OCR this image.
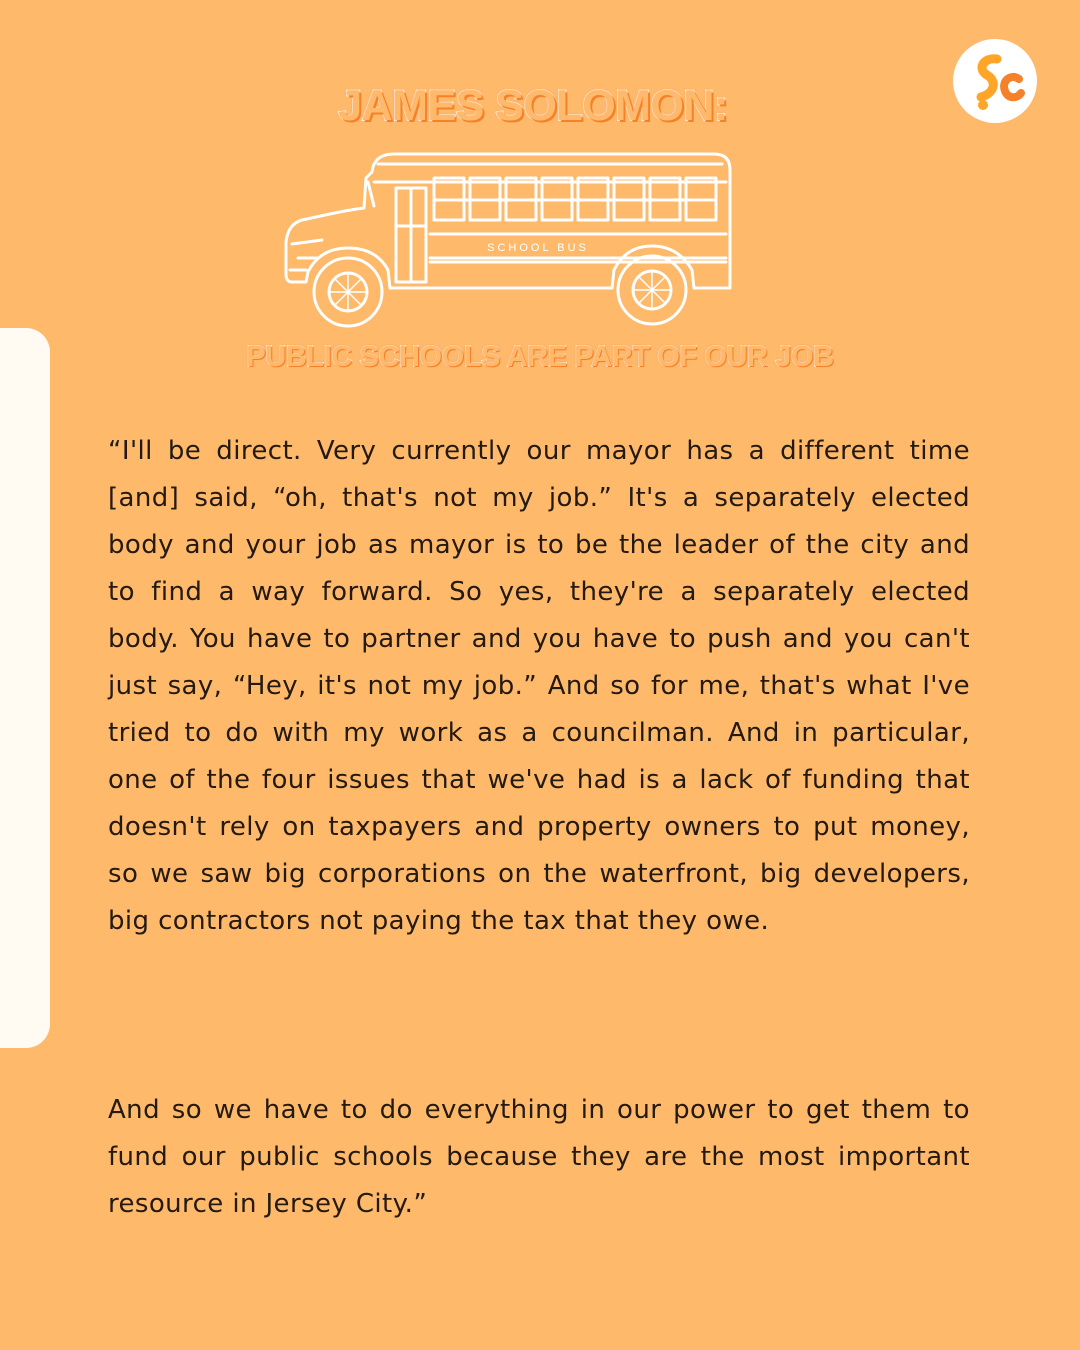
JAMES SOLOMON:
SCHOOL BUS
PUBLIC SCHOOLS ARE PART OF OUR JOB

“I'll be direct. Very currently our mayor has a different time [and] said, “oh, that's not my job.” It's a separately elected body and your job as mayor is to be the leader of the city and to find a way forward. So yes, they're a separately elected body. You have to partner and you have to push and you can't just say, “Hey, it's not my job.” And so for me, that's what I've tried to do with my work as a councilman. And in particular, one of the four issues that we've had is a lack of funding that doesn't rely on taxpayers and property owners to put money, so we saw big corporations on the waterfront, big developers, big contractors not paying the tax that they owe.

And so we have to do everything in our power to get them to fund our public schools because they are the most important resource in Jersey City.”
